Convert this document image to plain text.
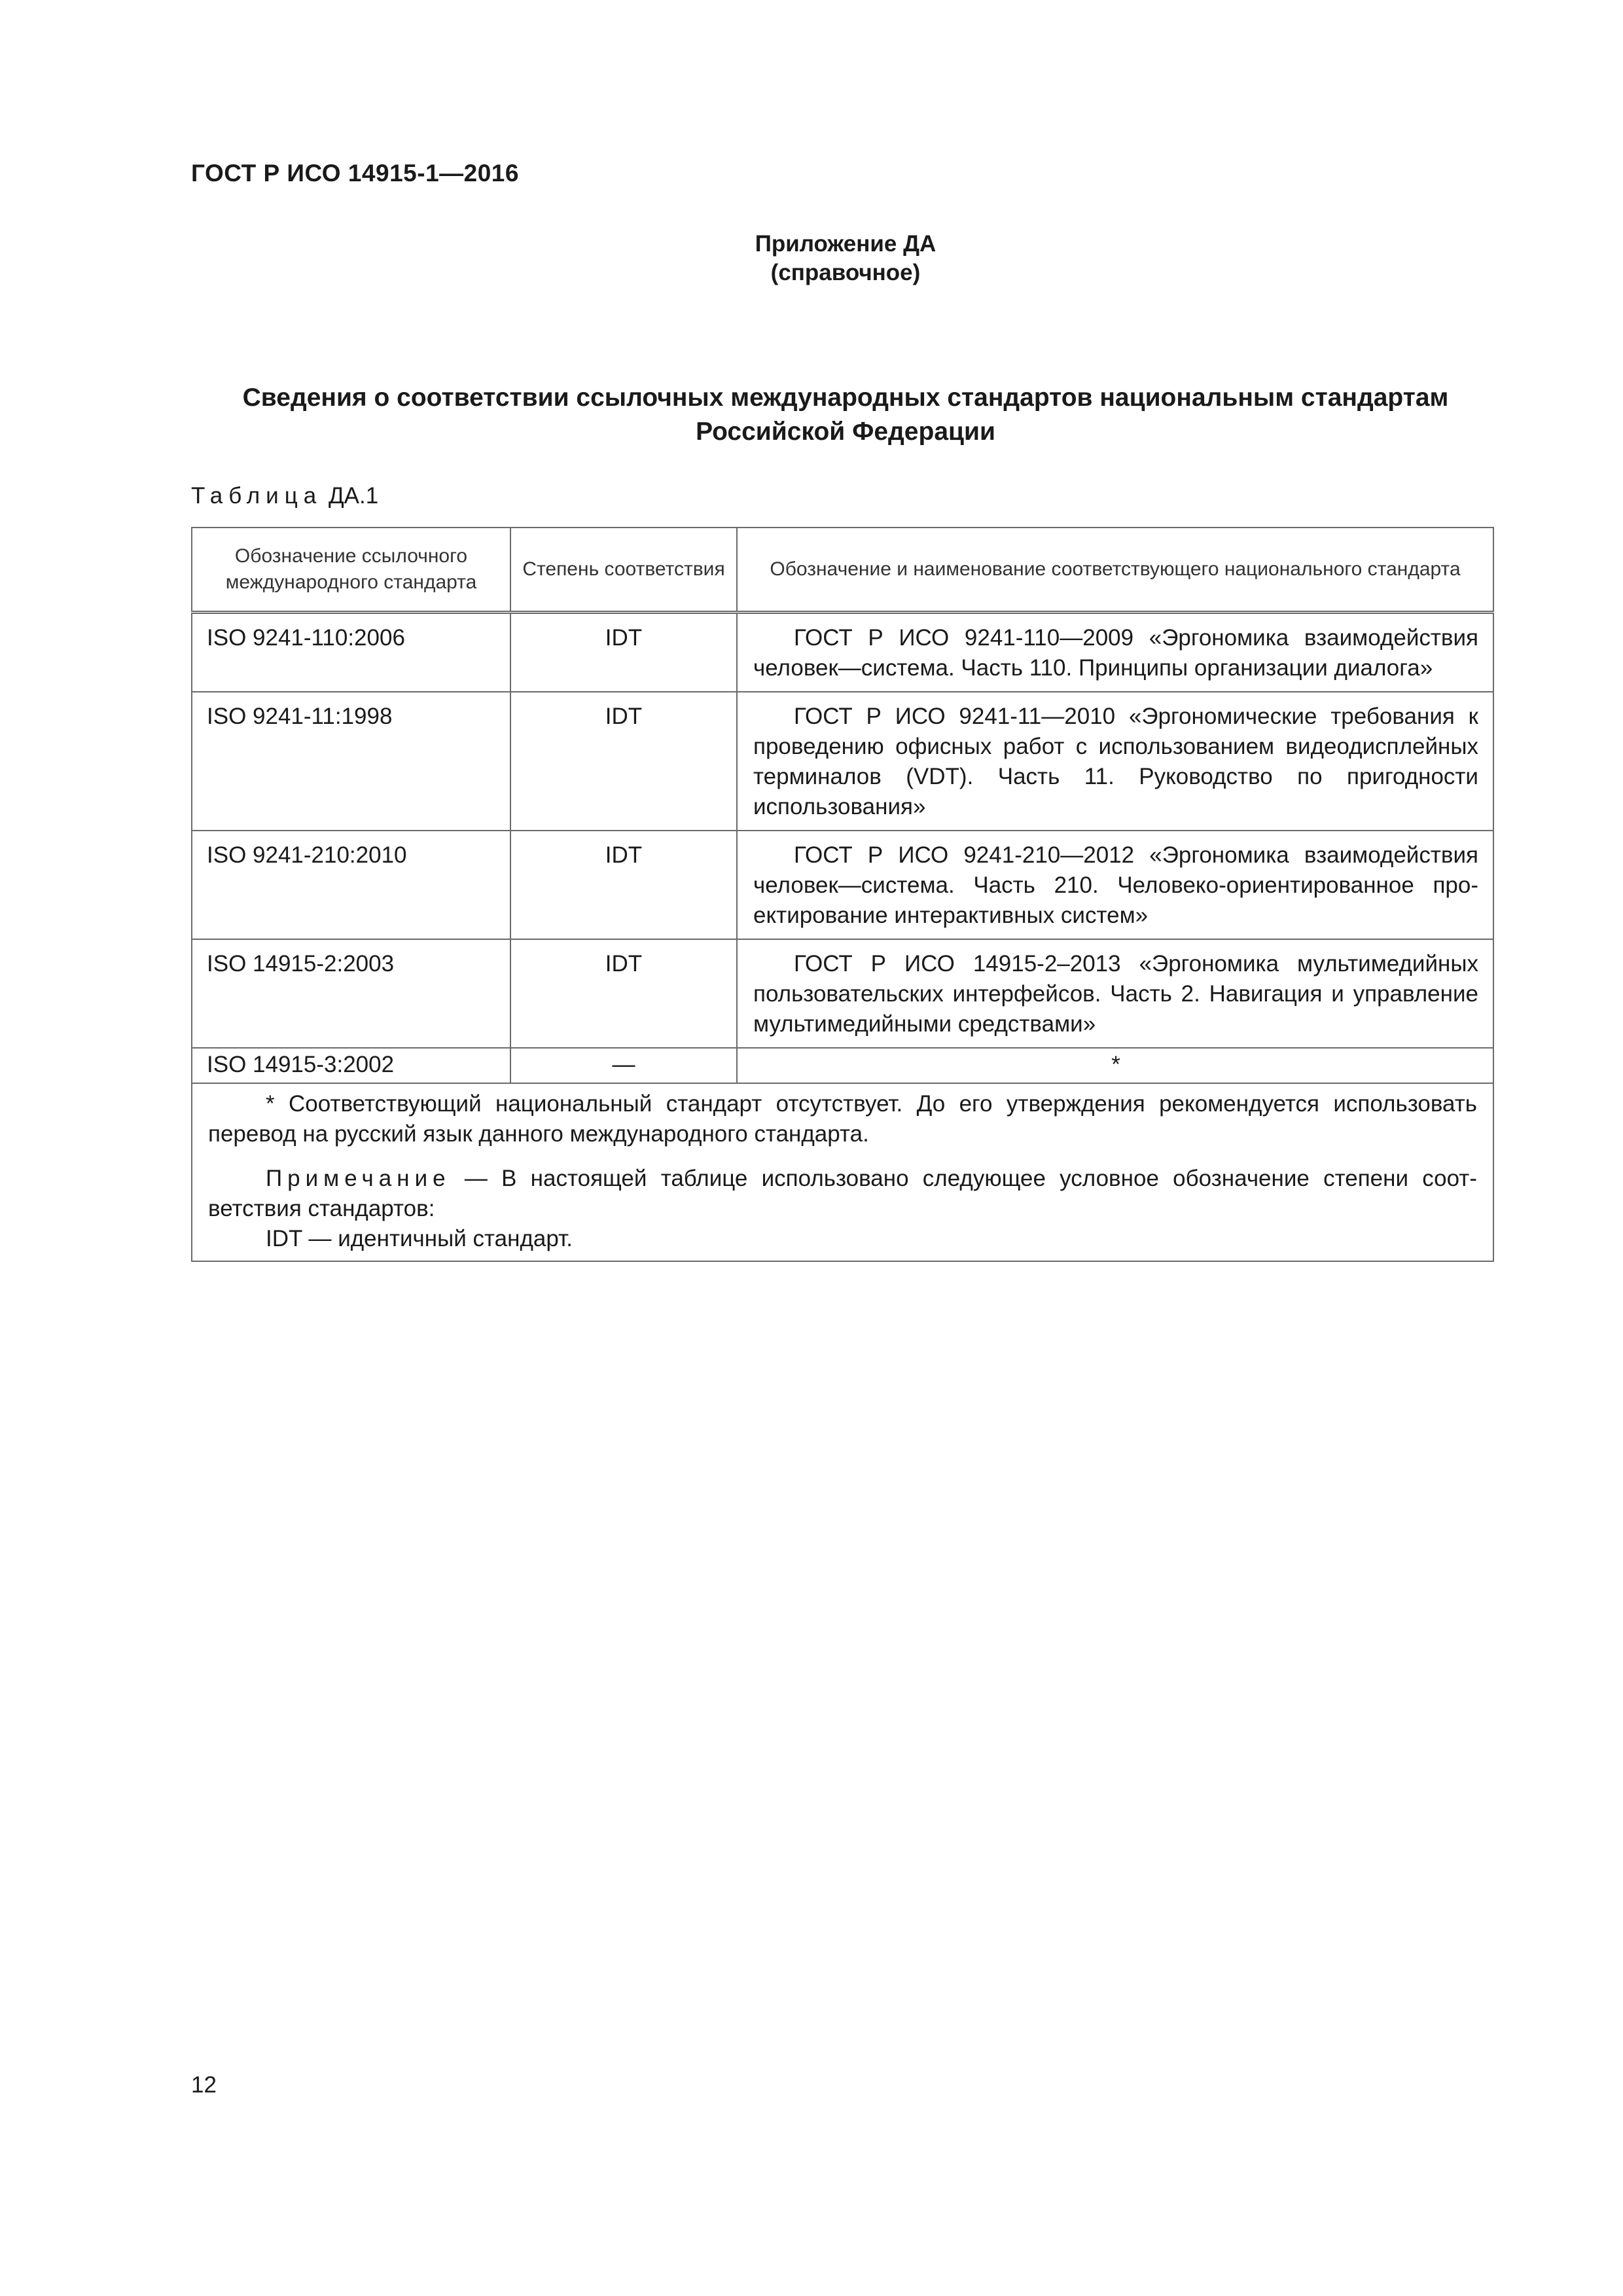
ГОСТ Р ИСО 14915-1—2016
Приложение ДА
(справочное)
Сведения о соответствии ссылочных международных стандартов национальным стандартам
Российской Федерации
Таблица ДА.1
Обозначение ссылочного международного стандарта	Степень соответствия	Обозначение и наименование соответствующего национального стандарта
ISO 9241-110:2006	IDT	ГОСТ Р ИСО 9241-110—2009 «Эргономика взаимодействия человек—система. Часть 110. Принципы организации диалога»
ISO 9241-11:1998	IDT	ГОСТ Р ИСО 9241-11—2010 «Эргономические требования к проведению офисных работ с использованием видеодисплейных терминалов (VDT). Часть 11. Руководство по пригодности использования»
ISO 9241-210:2010	IDT	ГОСТ Р ИСО 9241-210—2012 «Эргономика взаимодействия человек—система. Часть 210. Человеко-ориентированное проектирование интерактивных систем»
ISO 14915-2:2003	IDT	ГОСТ Р ИСО 14915-2–2013 «Эргономика мультимедийных пользовательских интерфейсов. Часть 2. Навигация и управление мультимедийными средствами»
ISO 14915-3:2002	—	*

* Соответствующий национальный стандарт отсутствует. До его утверждения рекомендуется использовать перевод на русский язык данного международного стандарта.

Примечание — В настоящей таблице использовано следующее условное обозначение степени соответствия стандартов:

IDT — идентичный стандарт.		

12
